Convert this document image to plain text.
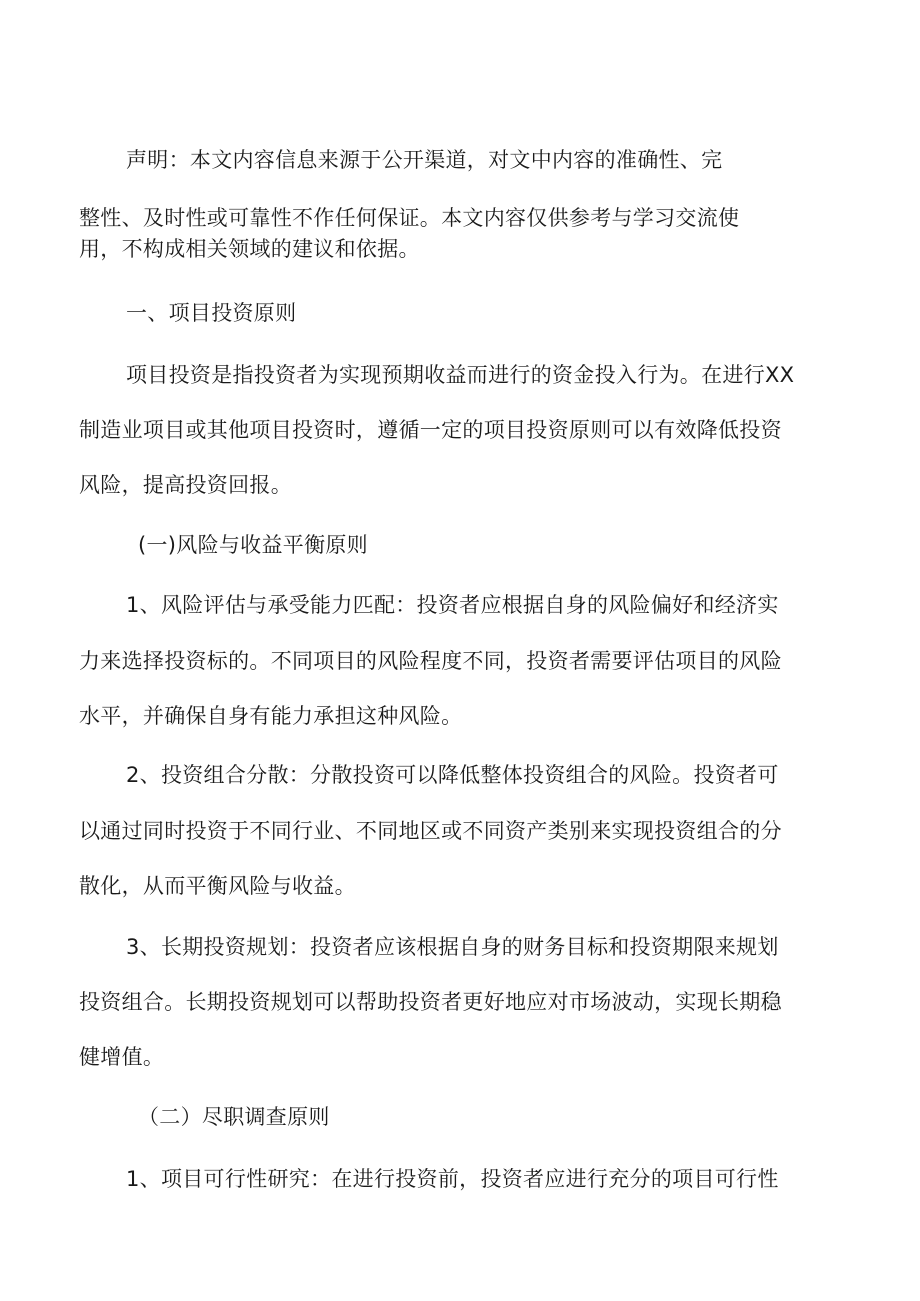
声明：本文内容信息来源于公开渠道，对文中内容的准确性、完
整性、及时性或可靠性不作任何保证。本文内容仅供参考与学习交流使
用，不构成相关领域的建议和依据。
一、项目投资原则
项目投资是指投资者为实现预期收益而进行的资金投入行为。在进行XX
制造业项目或其他项目投资时，遵循一定的项目投资原则可以有效降低投资
风险，提高投资回报。
(一)风险与收益平衡原则
1、风险评估与承受能力匹配：投资者应根据自身的风险偏好和经济实
力来选择投资标的。不同项目的风险程度不同，投资者需要评估项目的风险
水平，并确保自身有能力承担这种风险。
2、投资组合分散：分散投资可以降低整体投资组合的风险。投资者可
以通过同时投资于不同行业、不同地区或不同资产类别来实现投资组合的分
散化，从而平衡风险与收益。
3、长期投资规划：投资者应该根据自身的财务目标和投资期限来规划
投资组合。长期投资规划可以帮助投资者更好地应对市场波动，实现长期稳
健增值。
（二）尽职调查原则
1、项目可行性研究：在进行投资前，投资者应进行充分的项目可行性
